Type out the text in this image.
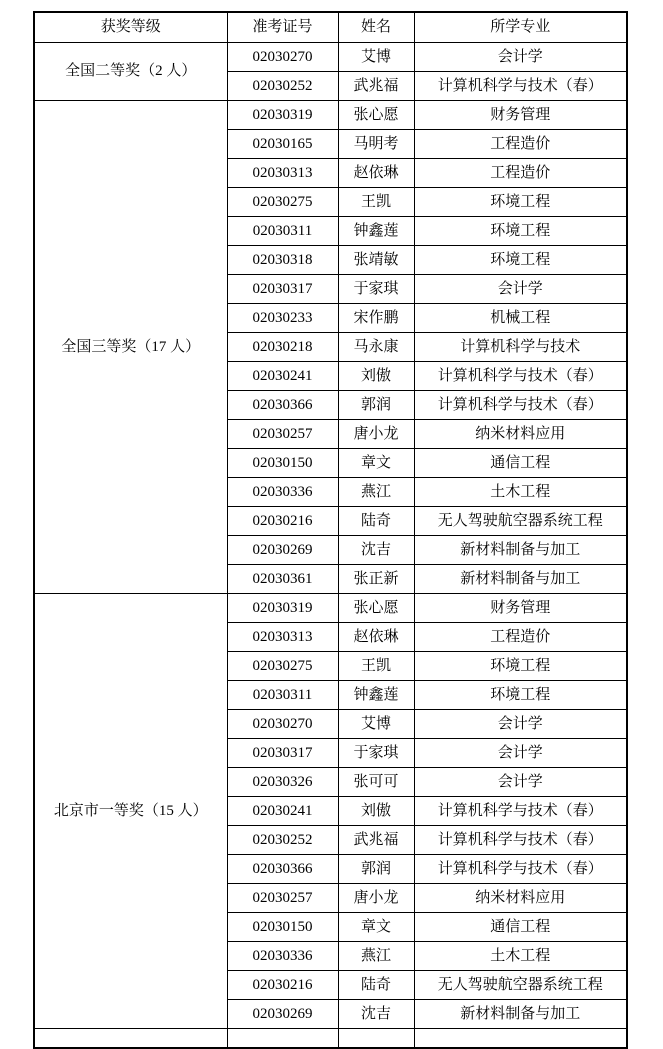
获奖等级	准考证号	姓名	所学专业
全国二等奖（2 人）	02030270	艾博	会计学
	02030252	武兆福	计算机科学与技术（春）
全国三等奖（17 人）	02030319	张心愿	财务管理
	02030165	马明考	工程造价
	02030313	赵依琳	工程造价
	02030275	王凯	环境工程
	02030311	钟鑫莲	环境工程
	02030318	张靖敏	环境工程
	02030317	于家琪	会计学
	02030233	宋作鹏	机械工程
	02030218	马永康	计算机科学与技术
	02030241	刘傲	计算机科学与技术（春）
	02030366	郭润	计算机科学与技术（春）
	02030257	唐小龙	纳米材料应用
	02030150	章文	通信工程
	02030336	燕江	土木工程
	02030216	陆奇	无人驾驶航空器系统工程
	02030269	沈吉	新材料制备与加工
	02030361	张正新	新材料制备与加工
北京市一等奖（15 人）	02030319	张心愿	财务管理
	02030313	赵依琳	工程造价
	02030275	王凯	环境工程
	02030311	钟鑫莲	环境工程
	02030270	艾博	会计学
	02030317	于家琪	会计学
	02030326	张可可	会计学
	02030241	刘傲	计算机科学与技术（春）
	02030252	武兆福	计算机科学与技术（春）
	02030366	郭润	计算机科学与技术（春）
	02030257	唐小龙	纳米材料应用
	02030150	章文	通信工程
	02030336	燕江	土木工程
	02030216	陆奇	无人驾驶航空器系统工程
	02030269	沈吉	新材料制备与加工
